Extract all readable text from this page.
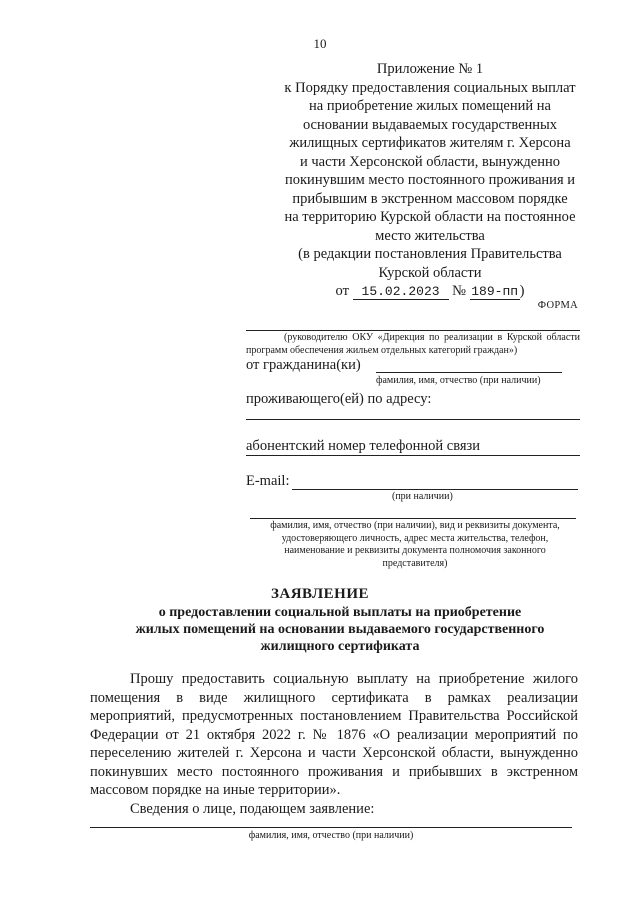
10
Приложение № 1
к Порядку предоставления социальных выплат
на приобретение жилых помещений на
основании выдаваемых государственных
жилищных сертификатов жителям г. Херсона
и части Херсонской области, вынужденно
покинувшим место постоянного проживания и
прибывшим в экстренном массовом порядке
на территорию Курской области на постоянное
место жительства
(в редакции постановления Правительства
Курской области
от 15.02.2023 № 189-пп )
ФОРМА
(руководителю ОКУ «Дирекция по реализации в Курской области программ обеспечения жильем отдельных категорий граждан»)
от гражданина(ки)
фамилия, имя, отчество (при наличии)
проживающего(ей) по адресу:
абонентский номер телефонной связи
E-mail:
(при наличии)
фамилия, имя, отчество (при наличии), вид и реквизиты документа, удостоверяющего личность, адрес места жительства, телефон, наименование и реквизиты документа полномочия законного представителя)
ЗАЯВЛЕНИЕ
о предоставлении социальной выплаты на приобретение
жилых помещений на основании выдаваемого государственного
жилищного сертификата

Прошу предоставить социальную выплату на приобретение жилого помещения в виде жилищного сертификата в рамках реализации мероприятий, предусмотренных постановлением Правительства Российской Федерации от 21 октября 2022 г. № 1876 «О реализации мероприятий по переселению жителей г. Херсона и части Херсонской области, вынужденно покинувших место постоянного проживания и прибывших в экстренном массовом порядке на иные территории».

Сведения о лице, подающем заявление:

фамилия, имя, отчество (при наличии)
